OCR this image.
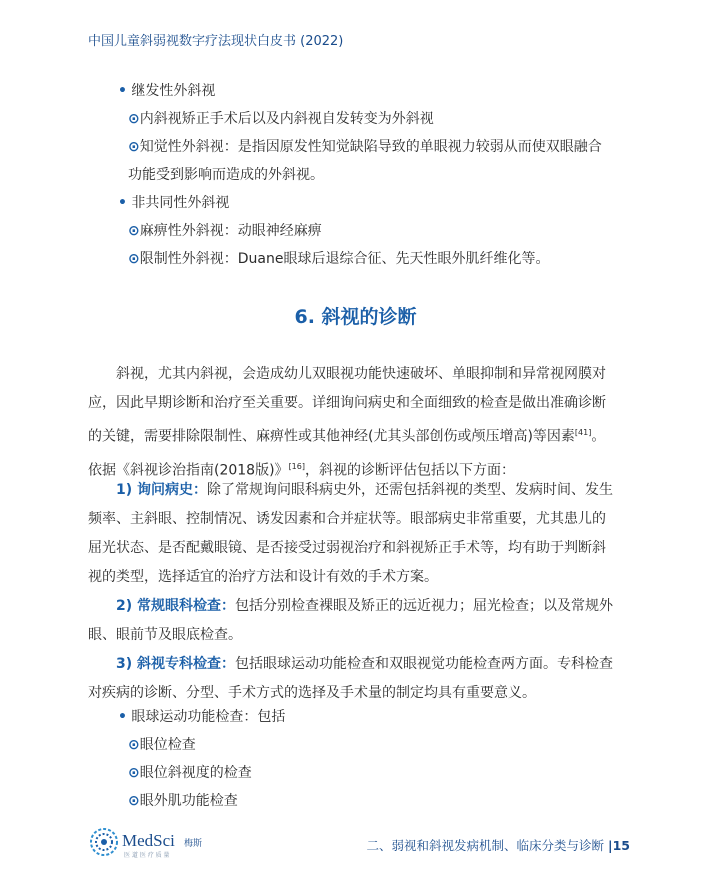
中国儿童斜弱视数字疗法现状白皮书 (2022)
• 继发性外斜视
⊙内斜视矫正手术后以及内斜视自发转变为外斜视
⊙知觉性外斜视：是指因原发性知觉缺陷导致的单眼视力较弱从而使双眼融合
功能受到影响而造成的外斜视。
• 非共同性外斜视
⊙麻痹性外斜视：动眼神经麻痹
⊙限制性外斜视：Duane眼球后退综合征、先天性眼外肌纤维化等。
6. 斜视的诊断
斜视，尤其内斜视，会造成幼儿双眼视功能快速破坏、单眼抑制和异常视网膜对
应，因此早期诊断和治疗至关重要。详细询问病史和全面细致的检查是做出准确诊断
的关键，需要排除限制性、麻痹性或其他神经(尤其头部创伤或颅压增高)等因素[41]。
依据《斜视诊治指南(2018版)》[16]，斜视的诊断评估包括以下方面：
1) 询问病史：除了常规询问眼科病史外，还需包括斜视的类型、发病时间、发生
频率、主斜眼、控制情况、诱发因素和合并症状等。眼部病史非常重要，尤其患儿的
屈光状态、是否配戴眼镜、是否接受过弱视治疗和斜视矫正手术等，均有助于判断斜
视的类型，选择适宜的治疗方法和设计有效的手术方案。
2) 常规眼科检查：包括分别检查裸眼及矫正的远近视力；屈光检查；以及常规外
眼、眼前节及眼底检查。
3) 斜视专科检查：包括眼球运动功能检查和双眼视觉功能检查两方面。专科检查
对疾病的诊断、分型、手术方式的选择及手术量的制定均具有重要意义。
• 眼球运动功能检查：包括
⊙眼位检查
⊙眼位斜视度的检查
⊙眼外肌功能检查
MedSci 梅斯
医 道 医 疗 质 量
二、弱视和斜视发病机制、临床分类与诊断 |15
